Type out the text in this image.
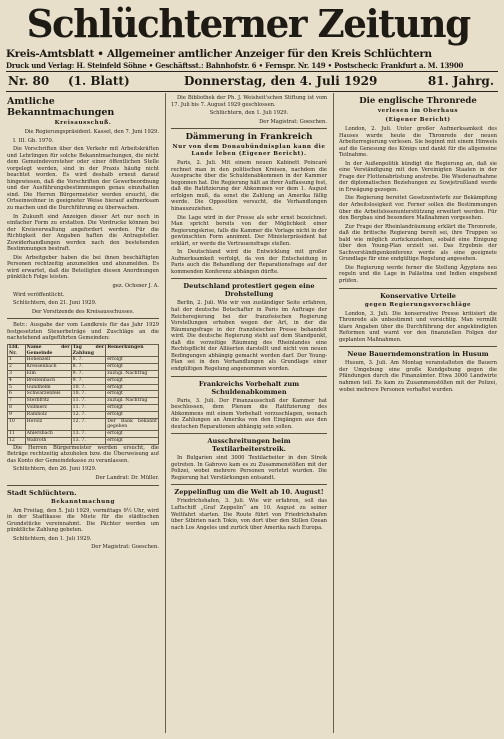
Schlüchterner Zeitung
Kreis-Amtsblatt • Allgemeiner amtlicher Anzeiger für den Kreis Schlüchtern
Druck und Verlag: H. Steinfeld Söhne • Geschäftsst.: Bahnhofstr. 6 • Fernspr. Nr. 149 • Postscheck: Frankfurt a. M. 13900
Nr. 80 (1. Blatt)	Donnerstag, den 4. Juli 1929	81. Jahrg.
Amtliche Bekanntmachungen
Kreisausschuß.

Die Regierungspräsident. Kassel, den 7. Juni 1929.

I. III. Gb. 1970.

Die Vorschriften über den Verkehr mit Arbeitskräften und Lehrlingen für solche Bekanntmachungen, die nicht dem Gemeindevorsteher oder einer öffentlichen Stelle vorgelegt werden, sind in der Praxis häufig nicht beachtet worden. Es wird deshalb erneut darauf hingewiesen, daß die Vorschriften der Gewerbeordnung und der Ausführungsbestimmungen genau einzuhalten sind. Die Herren Bürgermeister werden ersucht, die Ortseinwohner in geeigneter Weise hierauf aufmerksam zu machen und die Durchführung zu überwachen.

In Zukunft sind Anzeigen dieser Art nur noch in einfacher Form zu erstatten. Die Vordrucke können bei der Kreisverwaltung angefordert werden. Für die Richtigkeit der Angaben haften die Antragsteller. Zuwiderhandlungen werden nach den bestehenden Bestimmungen bestraft.

Die Arbeitgeber haben die bei ihnen beschäftigten Personen rechtzeitig anzumelden und abzumelden. Es wird erwartet, daß die Beteiligten diesen Anordnungen pünktlich Folge leisten.

gez. Ochsner J. A.

Wird veröffentlicht.

Schlüchtern, den 21. Juni 1929.

Der Vorsitzende des Kreisausschusses.

Betr.: Ausgabe der vom Landkreis für das Jahr 1929 festgesetzten Steuerbeträge und Zuschläge an die nachstehend aufgeführten Gemeinden:

Lfd. Nr.	Name der Gemeinde	Tag der Zahlung	Bemerkungen
1	Hohenzell	8. 7.	erfolgt
2	Kressenbach	8. 7.	erfolgt
3	Elm	9. 7.	zuzügl. Nachtrag
4	Breitenbach	9. 7.	erfolgt
5	Gundhelm	10. 7.	erfolgt
6	Schwarzenfels	10. 7.	erfolgt
7	Sterbfritz	11. 7.	zuzügl. Nachtrag
8	Vollmerz	11. 7.	erfolgt
9	Ramholz	12. 7.	erfolgt
10	Herolz	12. 7.	Der Bank bekannt gegeben
11	Ahlersbach	13. 7.	erfolgt
12	Wallroth	13. 7.	erfolgt

Die Herren Bürgermeister werden ersucht, die Beträge rechtzeitig abzuholen bzw. die Überweisung auf das Konto der Gemeindekasse zu veranlassen.

Schlüchtern, den 26. Juni 1929.

Der Landrat: Dr. Müller.

Stadt Schlüchtern.
Bekanntmachung

Am Freitag, den 5. Juli 1929, vormittags 9½ Uhr, wird in der Stadtkasse die Miete für die städtischen Grundstücke vereinnahmt. Die Pächter werden um pünktliche Zahlung gebeten.

Schlüchtern, den 1. Juli 1929.

Der Magistrat: Goeschen.

Die Bibliothek der Ph. J. Weisheit'schen Stiftung ist vom 17. Juli bis 7. August 1929 geschlossen.

Schlüchtern, den 1. Juli 1929.

Der Magistrat: Goeschen.

Dämmerung in Frankreich
Nur von dem Donaubündnisplan kann die Lande leben (Eigener Bericht).

Paris, 2. Juli. Mit einem neuen Kabinett Poincaré rechnet man in den politischen Kreisen, nachdem die Aussprache über die Schuldenabkommen in der Kammer begonnen hat. Die Regierung hält an ihrer Auffassung fest, daß die Ratifizierung der Abkommen vor dem 1. August erfolgen muß, da sonst die Zahlung an Amerika fällig werde. Die Opposition versucht, die Verhandlungen hinauszuziehen.

Die Lage wird in der Presse als sehr ernst bezeichnet. Man spricht bereits von der Möglichkeit einer Regierungskrise, falls die Kammer die Vorlage nicht in der gewünschten Form annimmt. Der Ministerpräsident hat erklärt, er werde die Vertrauensfrage stellen.

In Deutschland wird die Entwicklung mit großer Aufmerksamkeit verfolgt, da von der Entscheidung in Paris auch die Behandlung der Reparationsfrage auf der kommenden Konferenz abhängen dürfte.

Deutschland protestiert gegen eine Drohstellung

Berlin, 2. Juli. Wie wir von zuständiger Seite erfahren, hat der deutsche Botschafter in Paris im Auftrage der Reichsregierung bei der französischen Regierung Vorstellungen erhoben wegen der Art, in der die Räumungsfrage in der französischen Presse behandelt wird. Die deutsche Regierung steht auf dem Standpunkt, daß die vorzeitige Räumung des Rheinlandes eine Rechtspflicht der Alliierten darstellt und nicht von neuen Bedingungen abhängig gemacht werden darf. Der Young-Plan sei in den Verhandlungen als Grundlage einer endgültigen Regelung angenommen worden.

Frankreichs Vorbehalt zum Schuldenabkommen

Paris, 3. Juli. Der Finanzausschuß der Kammer hat beschlossen, dem Plenum die Ratifizierung des Abkommens mit einem Vorbehalt vorzuschlagen, wonach die Zahlungen an Amerika von den Eingängen aus den deutschen Reparationen abhängig sein sollen.

Ausschreitungen beim Textilarbeiterstreik.

In Bulgarien sind 3000 Textilarbeiter in den Streik getreten. In Gabrovo kam es zu Zusammenstößen mit der Polizei, wobei mehrere Personen verletzt wurden. Die Regierung hat Verstärkungen entsandt.

Zeppelinflug um die Welt ab 10. August!

Friedrichshafen, 3. Juli. Wie wir erfahren, soll das Luftschiff „Graf Zeppelin“ am 10. August zu seiner Weltfahrt starten. Die Route führt von Friedrichshafen über Sibirien nach Tokio, von dort über den Stillen Ozean nach Los Angeles und zurück über Amerika nach Europa.

Die englische Thronrede
verlesen im Oberhaus
(Eigener Bericht)

London, 2. Juli. Unter großer Aufmerksamkeit des Hauses wurde heute die Thronrede der neuen Arbeiterregierung verlesen. Sie beginnt mit einem Hinweis auf die Genesung des Königs und dankt für die allgemeine Teilnahme.

In der Außenpolitik kündigt die Regierung an, daß sie eine Verständigung mit den Vereinigten Staaten in der Frage der Flottenabrüstung anstrebe. Die Wiederaufnahme der diplomatischen Beziehungen zu Sowjetrußland werde in Erwägung gezogen.

Die Regierung bereitet Gesetzentwürfe zur Bekämpfung der Arbeitslosigkeit vor. Ferner sollen die Bestimmungen über die Arbeitslosenunterstützung erweitert werden. Für den Bergbau sind besondere Maßnahmen vorgesehen.

Zur Frage der Rheinlandräumung erklärt die Thronrede, daß die britische Regierung bereit sei, ihre Truppen so bald wie möglich zurückzuziehen, sobald eine Einigung über den Young-Plan erzielt sei. Das Ergebnis der Sachverständigenkonferenz werde als eine geeignete Grundlage für eine endgültige Regelung angesehen.

Die Regierung werde ferner die Stellung Ägyptens neu regeln und die Lage in Palästina und Indien eingehend prüfen.

Konservative Urteile
gegen Regierungsvorschläge

London, 3. Juli. Die konservative Presse kritisiert die Thronrede als unbestimmt und vorsichtig. Man vermißt klare Angaben über die Durchführung der angekündigten Reformen und warnt vor den finanziellen Folgen der geplanten Maßnahmen.

Neue Bauerndemonstration in Husum

Husum, 3. Juli. Am Montag veranstalteten die Bauern der Umgebung eine große Kundgebung gegen die Pfändungen durch die Finanzämter. Etwa 3000 Landwirte nahmen teil. Es kam zu Zusammenstößen mit der Polizei, wobei mehrere Personen verhaftet wurden.
